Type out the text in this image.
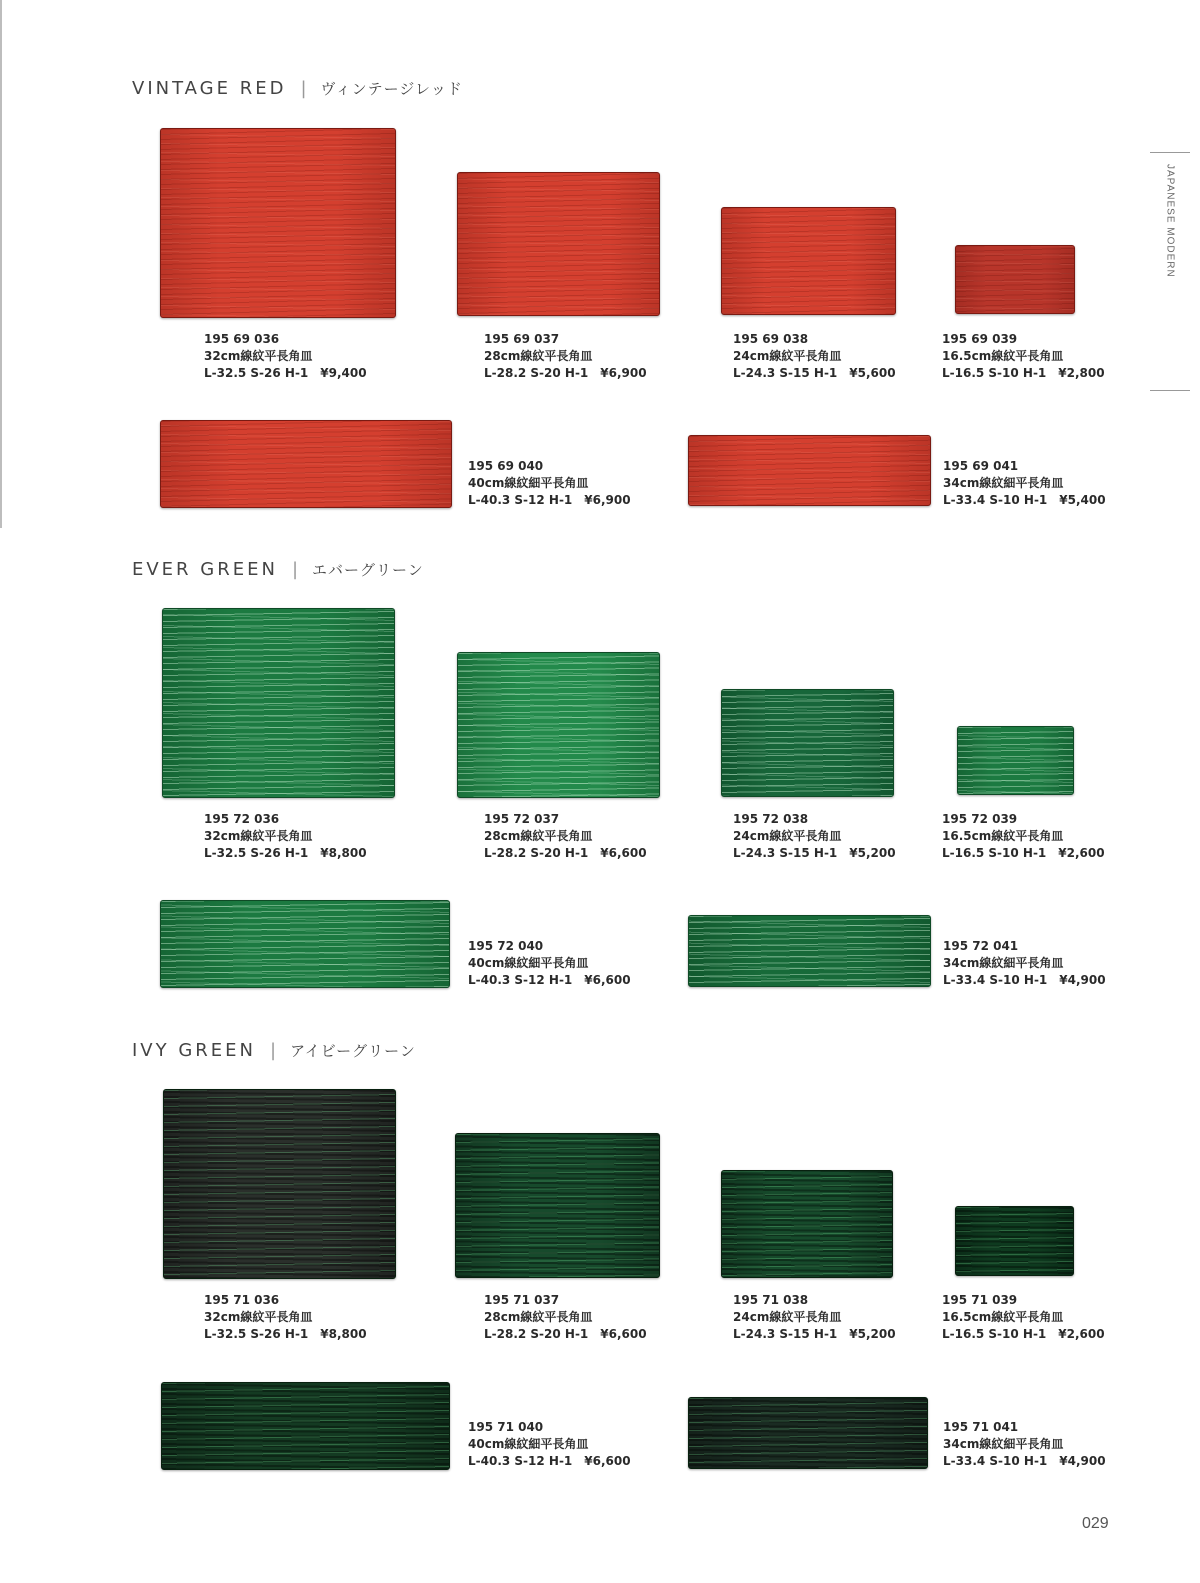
JAPANESE MODERN
VINTAGE RED | ヴィンテージレッド
195 69 036
32cm線紋平長角皿
L-32.5 S-26 H-1 ¥9,400
195 69 037
28cm線紋平長角皿
L-28.2 S-20 H-1 ¥6,900
195 69 038
24cm線紋平長角皿
L-24.3 S-15 H-1 ¥5,600
195 69 039
16.5cm線紋平長角皿
L-16.5 S-10 H-1 ¥2,800
195 69 040
40cm線紋細平長角皿
L-40.3 S-12 H-1 ¥6,900
195 69 041
34cm線紋細平長角皿
L-33.4 S-10 H-1 ¥5,400
EVER GREEN | エバーグリーン
195 72 036
32cm線紋平長角皿
L-32.5 S-26 H-1 ¥8,800
195 72 037
28cm線紋平長角皿
L-28.2 S-20 H-1 ¥6,600
195 72 038
24cm線紋平長角皿
L-24.3 S-15 H-1 ¥5,200
195 72 039
16.5cm線紋平長角皿
L-16.5 S-10 H-1 ¥2,600
195 72 040
40cm線紋細平長角皿
L-40.3 S-12 H-1 ¥6,600
195 72 041
34cm線紋細平長角皿
L-33.4 S-10 H-1 ¥4,900
IVY GREEN | アイビーグリーン
195 71 036
32cm線紋平長角皿
L-32.5 S-26 H-1 ¥8,800
195 71 037
28cm線紋平長角皿
L-28.2 S-20 H-1 ¥6,600
195 71 038
24cm線紋平長角皿
L-24.3 S-15 H-1 ¥5,200
195 71 039
16.5cm線紋平長角皿
L-16.5 S-10 H-1 ¥2,600
195 71 040
40cm線紋細平長角皿
L-40.3 S-12 H-1 ¥6,600
195 71 041
34cm線紋細平長角皿
L-33.4 S-10 H-1 ¥4,900
029
